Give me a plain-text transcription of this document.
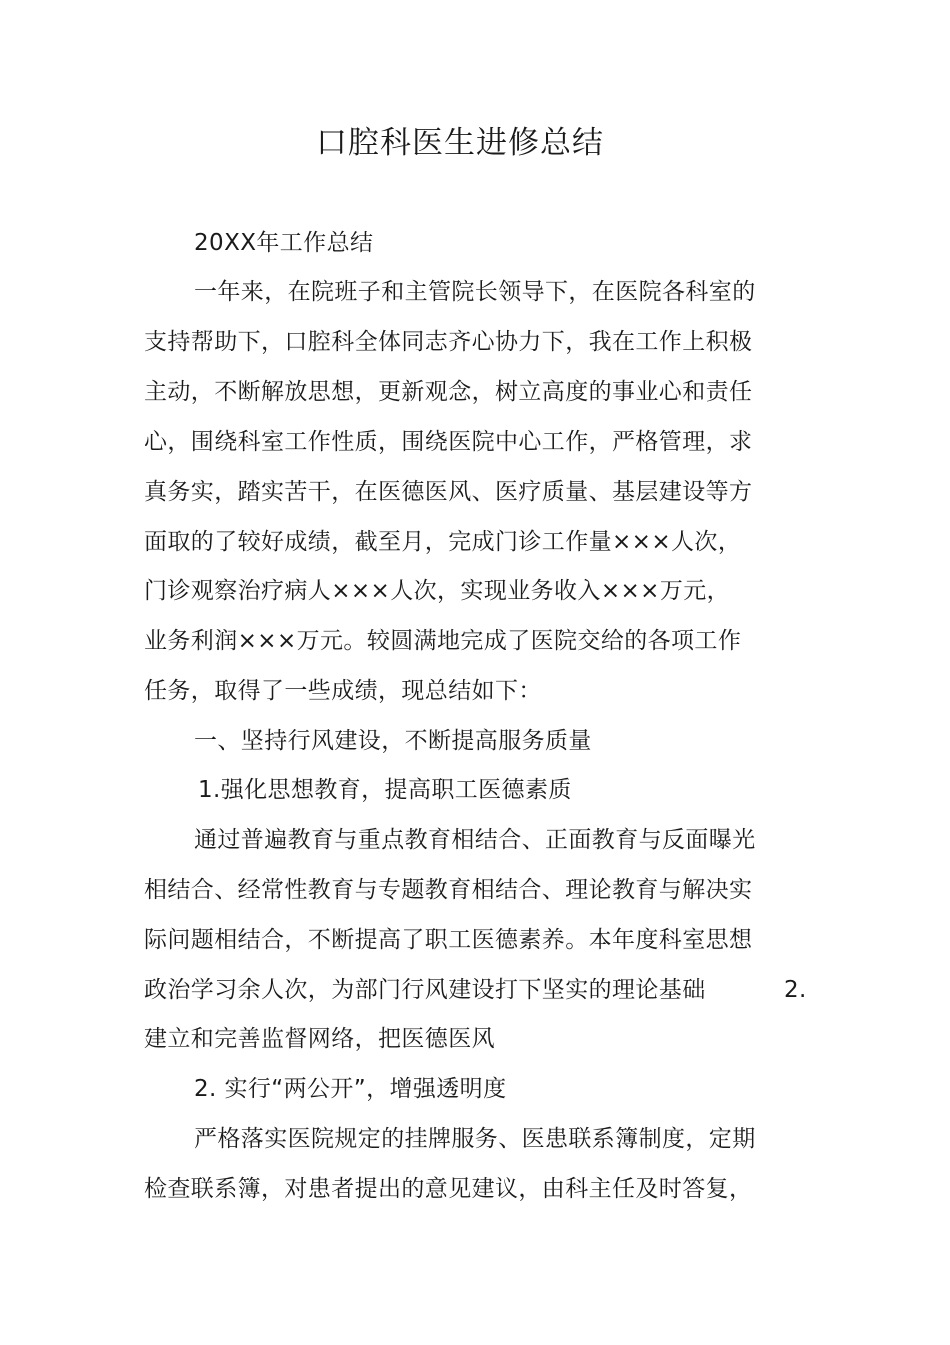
口腔科医生进修总结
20XX年工作总结
一年来，在院班子和主管院长领导下，在医院各科室的
支持帮助下，口腔科全体同志齐心协力下，我在工作上积极
主动，不断解放思想，更新观念，树立高度的事业心和责任
心，围绕科室工作性质，围绕医院中心工作，严格管理，求
真务实，踏实苦干，在医德医风、医疗质量、基层建设等方
面取的了较好成绩，截至月，完成门诊工作量×××人次，
门诊观察治疗病人×××人次，实现业务收入×××万元，
业务利润×××万元。较圆满地完成了医院交给的各项工作
任务，取得了一些成绩，现总结如下：
一、坚持行风建设，不断提高服务质量
1.强化思想教育，提高职工医德素质
通过普遍教育与重点教育相结合、正面教育与反面曝光
相结合、经常性教育与专题教育相结合、理论教育与解决实
际问题相结合，不断提高了职工医德素养。本年度科室思想
政治学习余人次，为部门行风建设打下坚实的理论基础	2.
建立和完善监督网络，把医德医风
2. 实行“两公开”，增强透明度
严格落实医院规定的挂牌服务、医患联系簿制度，定期
检查联系簿，对患者提出的意见建议，由科主任及时答复，
